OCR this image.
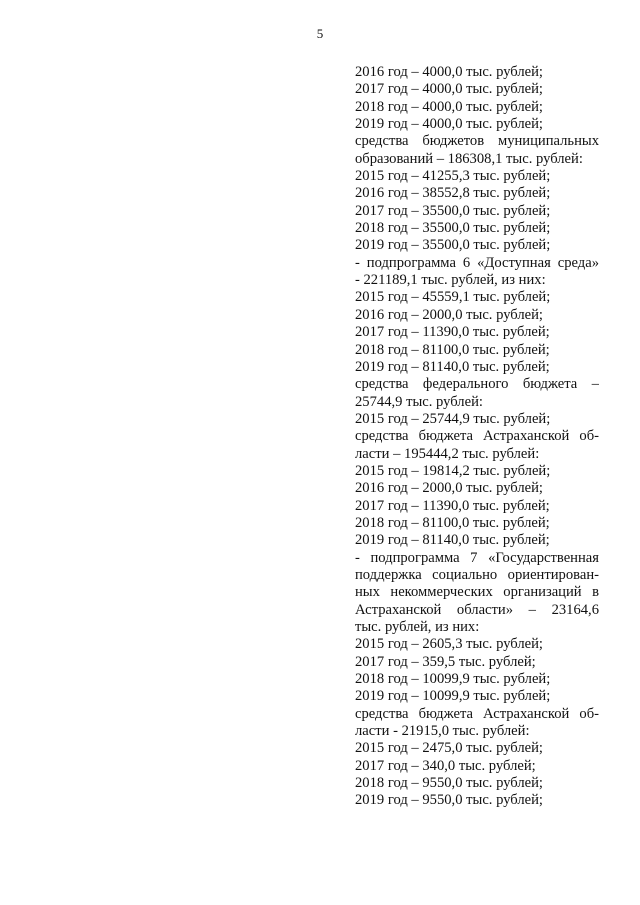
5
2016 год – 4000,0 тыс. рублей;
2017 год – 4000,0 тыс. рублей;
2018 год – 4000,0 тыс. рублей;
2019 год – 4000,0 тыс. рублей;
средства бюджетов муниципальных
образований – 186308,1 тыс. рублей:
2015 год – 41255,3 тыс. рублей;
2016 год – 38552,8 тыс. рублей;
2017 год – 35500,0 тыс. рублей;
2018 год – 35500,0 тыс. рублей;
2019 год – 35500,0 тыс. рублей;
- подпрограмма 6 «Доступная среда»
- 221189,1 тыс. рублей, из них:
2015 год – 45559,1 тыс. рублей;
2016 год – 2000,0 тыс. рублей;
2017 год – 11390,0 тыс. рублей;
2018 год – 81100,0 тыс. рублей;
2019 год – 81140,0 тыс. рублей;
средства федерального бюджета –
25744,9 тыс. рублей:
2015 год – 25744,9 тыс. рублей;
средства бюджета Астраханской об-
ласти – 195444,2 тыс. рублей:
2015 год – 19814,2 тыс. рублей;
2016 год – 2000,0 тыс. рублей;
2017 год – 11390,0 тыс. рублей;
2018 год – 81100,0 тыс. рублей;
2019 год – 81140,0 тыс. рублей;
- подпрограмма 7 «Государственная
поддержка социально ориентирован-
ных некоммерческих организаций в
Астраханской области» – 23164,6
тыс. рублей, из них:
2015 год – 2605,3 тыс. рублей;
2017 год – 359,5 тыс. рублей;
2018 год – 10099,9 тыс. рублей;
2019 год – 10099,9 тыс. рублей;
средства бюджета Астраханской об-
ласти - 21915,0 тыс. рублей:
2015 год – 2475,0 тыс. рублей;
2017 год – 340,0 тыс. рублей;
2018 год – 9550,0 тыс. рублей;
2019 год – 9550,0 тыс. рублей;
